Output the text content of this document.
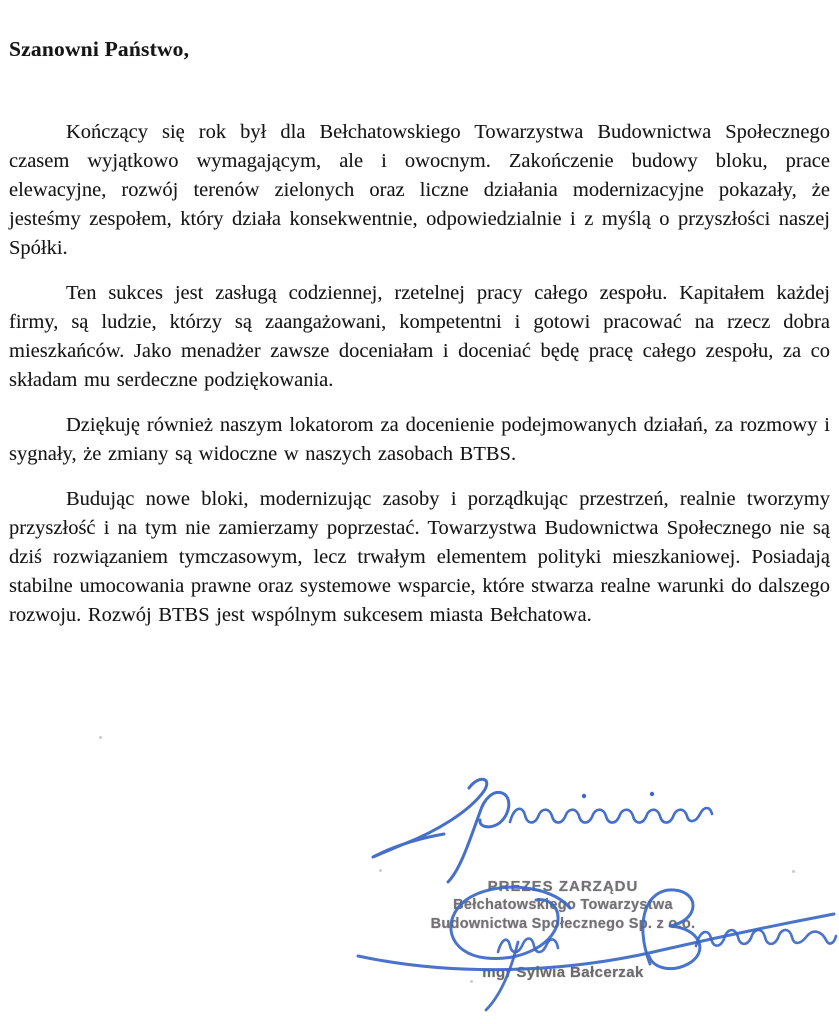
Szanowni Państwo,

Kończący się rok był dla Bełchatowskiego Towarzystwa Budownictwa Społecznego czasem wyjątkowo wymagającym, ale i owocnym. Zakończenie budowy bloku, prace elewacyjne, rozwój terenów zielonych oraz liczne działania modernizacyjne pokazały, że jesteśmy zespołem, który działa konsekwentnie, odpowiedzialnie i z myślą o przyszłości naszej Spółki.

Ten sukces jest zasługą codziennej, rzetelnej pracy całego zespołu. Kapitałem każdej firmy, są ludzie, którzy są zaangażowani, kompetentni i gotowi pracować na rzecz dobra mieszkańców. Jako menadżer zawsze doceniałam i doceniać będę pracę całego zespołu, za co składam mu serdeczne podziękowania.

Dziękuję również naszym lokatorom za docenienie podejmowanych działań, za rozmowy i sygnały, że zmiany są widoczne w naszych zasobach BTBS.

Budując nowe bloki, modernizując zasoby i porządkując przestrzeń, realnie tworzymy przyszłość i na tym nie zamierzamy poprzestać. Towarzystwa Budownictwa Społecznego nie są dziś rozwiązaniem tymczasowym, lecz trwałym elementem polityki mieszkaniowej. Posiadają stabilne umocowania prawne oraz systemowe wsparcie, które stwarza realne warunki do dalszego rozwoju. Rozwój BTBS jest wspólnym sukcesem miasta Bełchatowa.

PREZES ZARZĄDU
Bełchatowskiego Towarzystwa
Budownictwa Społecznego Sp. z o.o.
mgr Sylwia Bałcerzak
